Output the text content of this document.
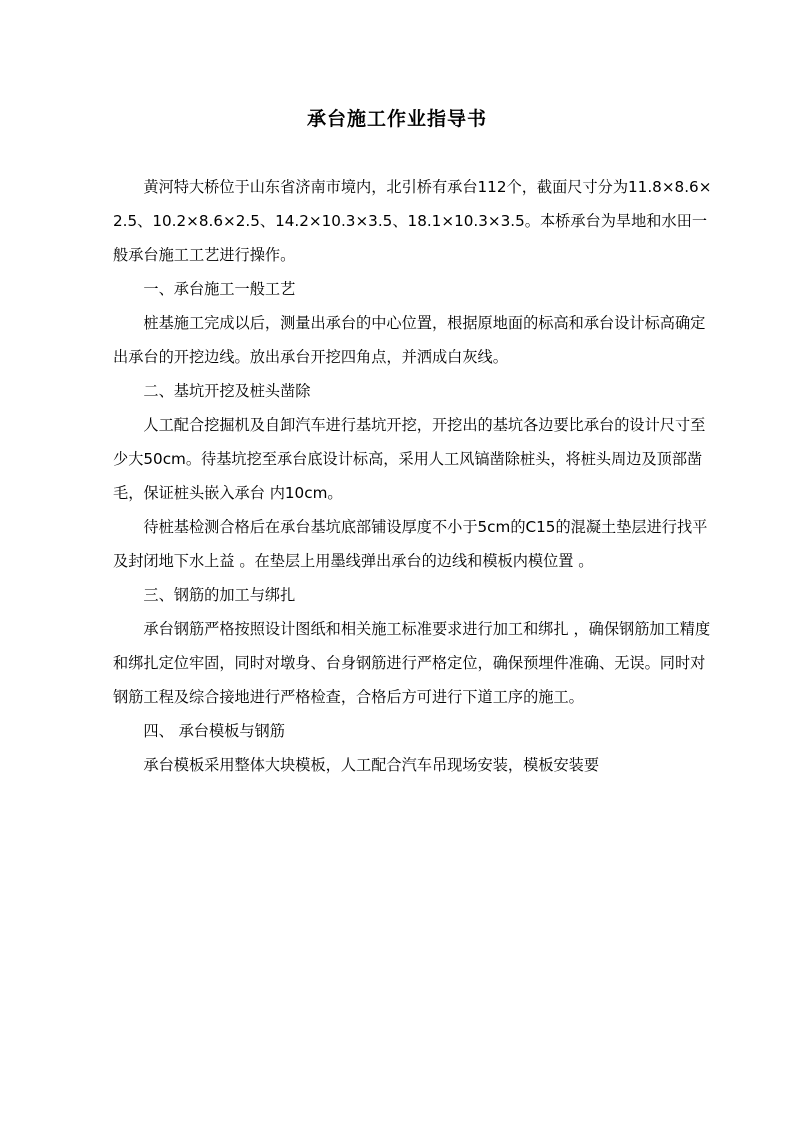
承台施工作业指导书

黄河特大桥位于山东省济南市境内，北引桥有承台112个，截面尺寸分为11.8×8.6×2.5、10.2×8.6×2.5、14.2×10.3×3.5、18.1×10.3×3.5。本桥承台为旱地和水田一般承台施工工艺进行操作。

一、承台施工一般工艺

桩基施工完成以后，测量出承台的中心位置，根据原地面的标高和承台设计标高确定出承台的开挖边线。放出承台开挖四角点，并洒成白灰线。

二、基坑开挖及桩头凿除

人工配合挖掘机及自卸汽车进行基坑开挖，开挖出的基坑各边要比承台的设计尺寸至少大50cm。待基坑挖至承台底设计标高，采用人工风镐凿除桩头，将桩头周边及顶部凿毛，保证桩头嵌入承台 内10cm。

待桩基检测合格后在承台基坑底部铺设厚度不小于5cm的C15的混凝土垫层进行找平及封闭地下水上益 。在垫层上用墨线弹出承台的边线和模板内模位置 。

三、钢筋的加工与绑扎

承台钢筋严格按照设计图纸和相关施工标准要求进行加工和绑扎 ，确保钢筋加工精度和绑扎定位牢固，同时对墩身、台身钢筋进行严格定位，确保预埋件准确、无误。同时对钢筋工程及综合接地进行严格检查，合格后方可进行下道工序的施工。

四、 承台模板与钢筋

承台模板采用整体大块模板，人工配合汽车吊现场安装，模板安装要
